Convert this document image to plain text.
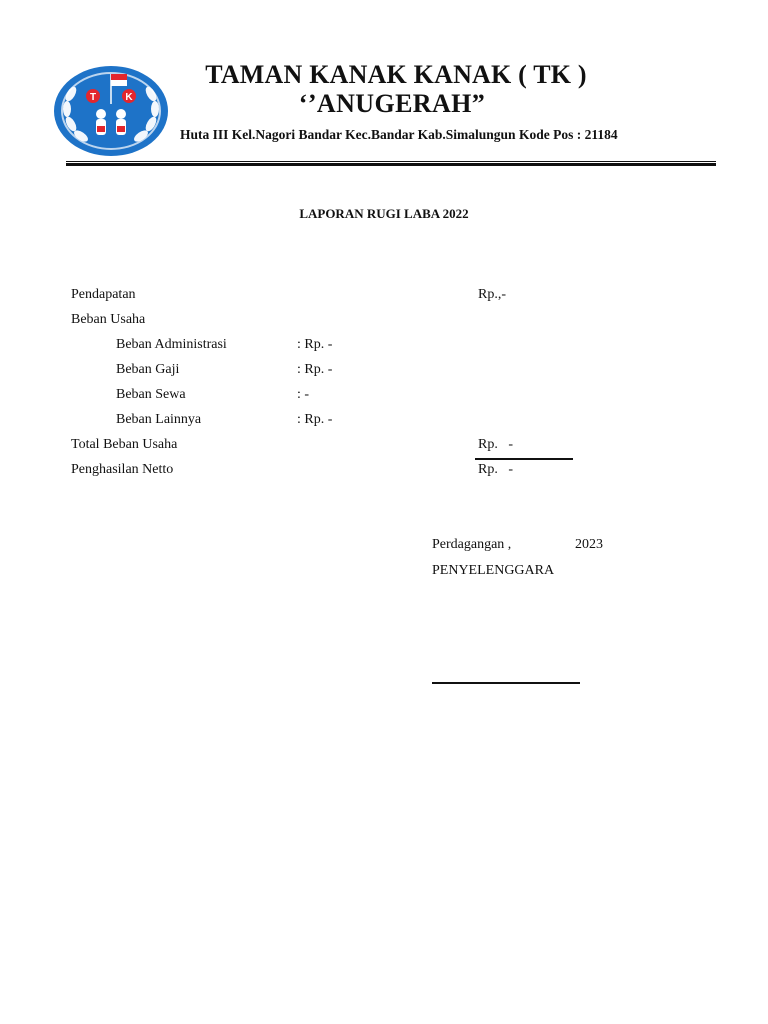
T	K
TAMAN KANAK KANAK ( TK )
‘’ANUGERAH”
Huta III Kel.Nagori Bandar Kec.Bandar Kab.Simalungun Kode Pos : 21184
LAPORAN RUGI LABA 2022
Pendapatan	Rp.,-
Beban Usaha
Beban Administrasi	: Rp. -
Beban Gaji	: Rp. -
Beban Sewa	: -
Beban Lainnya	: Rp. -
Total Beban Usaha	Rp.   -
Penghasilan Netto	Rp.   -
Perdagangan ,	2023
PENYELENGGARA
